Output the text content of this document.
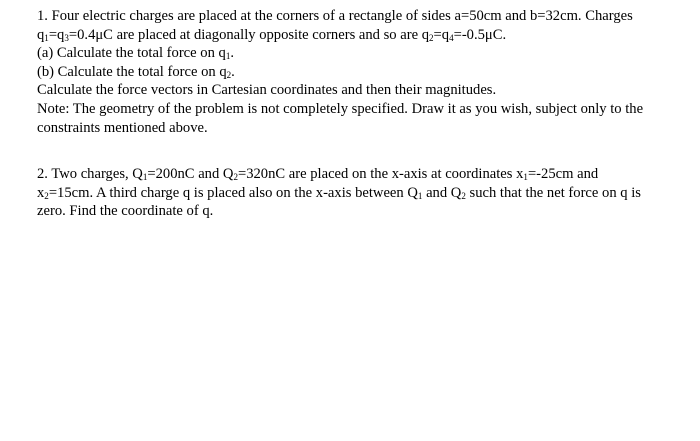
1. Four electric charges are placed at the corners of a rectangle of sides a=50cm and b=32cm. Charges
$q_1=q_3=0.4\mu C$ are placed at diagonally opposite corners and so are $q_2=q_4=-0.5\mu C$.
(a) Calculate the total force on $q_1$.
(b) Calculate the total force on $q_2$.
Calculate the force vectors in Cartesian coordinates and then their magnitudes.
Note: The geometry of the problem is not completely specified. Draw it as you wish, subject only to the
constraints mentioned above.
2. Two charges, $Q_1=200nC$ and $Q_2=320nC$ are placed on the x-axis at coordinates $x_1=-25cm$ and
$x_2=15cm$. A third charge q is placed also on the x-axis between $Q_1$ and $Q_2$ such that the net force on q is
zero. Find the coordinate of q.
